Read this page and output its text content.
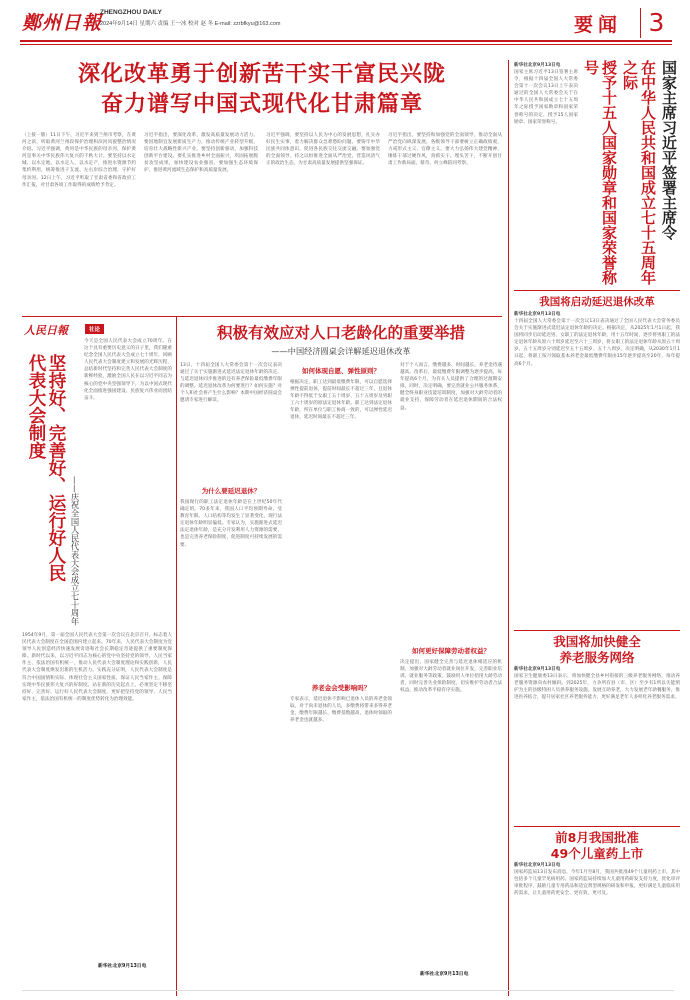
鄭州日報
ZHENGZHOU DAILY
2024年9月14日 星期六 责编 王一冰 校对 赵 冬 E-mail: zzrbfkyu@163.com	要闻	3
深化改革勇于创新苦干实干富民兴陇
奋力谱写中国式现代化甘肃篇章
（上接一版）11日下午，习近平来到兰州市考察，在黄河之滨，听取黄河兰州段保护治理和滨河风貌整治情况介绍。习近平强调，黄河是中华民族的母亲河，保护黄河是事关中华民族伟大复兴的千秋大计。要坚持以水定城、以水定地、以水定人、以水定产，推进水资源节约集约利用，统筹推进干支流、左右岸综合治理，守护好母亲河。12日上午，习近平听取了甘肃省委和省政府工作汇报，对甘肃各项工作取得的成绩给予肯定。
习近平指出，要深化改革，激发高质量发展动力活力。要因地制宜发展新质生产力，推动传统产业转型升级，培育壮大战略性新兴产业。要坚持创新驱动，加强科技创新平台建设。要扎实推进乡村全面振兴，巩固拓展脱贫攻坚成果，加快建设农业强省。要加强生态环境保护，推进黄河流域生态保护和高质量发展。
习近平强调，要坚持以人民为中心的发展思想，扎实办好民生实事，着力解决群众急难愁盼问题。要铸牢中华民族共同体意识，促进各民族交往交流交融。要加强党的全面领导，持之以恒推进全面从严治党，营造风清气正的政治生态，为甘肃高质量发展提供坚强保证。
习近平指出，要坚持和加强党的全面领导，推动全面从严治党向纵深发展。各级领导干部要树立正确政绩观，力戒形式主义、官僚主义。要大力弘扬伟大建党精神，锤炼干部过硬作风，真抓实干、埋头苦干，不断开创甘肃工作新局面。蔡奇、何立峰陪同考察。
新华社北京9月13日电
国家主席习近平13日签署主席令，根据十四届全国人大常委会第十一次会议13日上午表决通过的全国人大常委会关于在中华人民共和国成立七十五周年之际授予国家勋章和国家荣誉称号的决定，授予15人国家勋章、国家荣誉称号。	国家主席习近平签署主席令
在中华人民共和国成立七十五周年之际
授予十五人国家勋章和国家荣誉称号
我国将启动延迟退休改革
新华社北京9月13日电
十四届全国人大常委会第十一次会议13日表决通过了全国人民代表大会常务委员会关于实施渐进式延迟法定退休年龄的决定。根据决定，从2025年1月1日起，我国将同步启动延迟男、女职工的法定退休年龄，用十五年时间，逐步将男职工的法定退休年龄从原六十周岁延迟至六十三周岁，将女职工的法定退休年龄从原五十周岁、五十五周岁分别延迟至五十五周岁、五十八周岁。决定明确，从2030年1月1日起，将职工按月领取基本养老金最低缴费年限由15年逐步提高至20年，每年提高6个月。
我国将加快健全
养老服务网络
新华社北京9月13日电
国家卫生健康委13日表示，将加快健全县乡村衔接的三级养老服务网络，推动养老服务资源向农村倾斜。到2025年，力争所有县（市、区）至少有1所以失能照护为主的县级特困人员供养服务设施。发展互助养老，大力发展老年助餐服务，推进医养结合，提升居家社区养老服务能力，更好满足老年人多样化养老服务需求。
前8月我国批准
49个儿童药上市
新华社北京9月13日电
国家药监局13日发布消息，今年1月至8月，我国共批准49个儿童用药上市，其中包括多个儿童罕见病用药。国家药监局持续加大儿童用药研发支持力度，优化审评审批程序，鼓励儿童专用药品和适宜剂型规格的研发和申报，更好满足儿童临床用药需求，让儿童用药更安全、更有效、更可及。
人民日報	社论
坚持好、完善好、运行好人民代表大会制度
——庆祝全国人民代表大会成立七十周年
今天是全国人民代表大会成立70周年。在这个具有重要历史意义的日子里，我们隆重纪念全国人民代表大会成立七十周年，回顾人民代表大会制度建立和发展的光辉历程，总结新时代坚持和完善人民代表大会制度的新鲜经验，激励全国人民在以习近平同志为核心的党中央坚强领导下，为以中国式现代化全面推进强国建设、民族复兴伟业而团结奋斗。
1954年9月，第一届全国人民代表大会第一次会议在北京召开，标志着人民代表大会制度在全国范围内建立起来。70年来，人民代表大会制度为党领导人民创造经济快速发展奇迹和社会长期稳定奇迹提供了重要制度保障。新时代以来，以习近平同志为核心的党中央坚持党的领导、人民当家作主、依法治国有机统一，推动人民代表大会制度理论和实践创新，人民代表大会制度焕发出新的生机活力。实践充分证明，人民代表大会制度是符合中国国情和实际、体现社会主义国家性质、保证人民当家作主、保障实现中华民族伟大复兴的好制度。站在新的历史起点上，必须坚定不移坚持好、完善好、运行好人民代表大会制度，更好把坚持党的领导、人民当家作主、依法治国有机统一的制度优势转化为治理效能。
新华社北京9月13日电
积极有效应对人口老龄化的重要举措
——中国经济圆桌会详解延迟退休改革
13日，十四届全国人大常委会第十一次会议表决通过了关于实施渐进式延迟法定退休年龄的决定。与延迟退休同步推进的还有养老保险最低缴费年限的调整。延迟退休改革为何要进行？如何实施？对个人和社会将产生什么影响？本期中国经济圆桌会邀请专家进行解读。
为什么要延迟退休？
我国现行的职工法定退休年龄是在上世纪50年代确定的。70多年来，我国人口平均预期寿命、受教育年限、人口结构等均发生了显著变化，现行法定退休年龄明显偏低。专家认为，实施渐进式延迟法定退休年龄，是充分开发利用人力资源的需要，也是完善养老保险制度、促进制度可持续发展的需要。
如何体现自愿、弹性原则？
根据决定，职工达到最低缴费年限，可以自愿选择弹性提前退休，提前时间最长不超过三年，且退休年龄不得低于女职工五十周岁、五十五周岁及男职工六十周岁的原法定退休年龄。职工达到法定退休年龄，所在单位与职工协商一致的，可以弹性延迟退休，延迟时间最长不超过三年。
养老金会受影响吗？
专家表示，延迟退休不影响已退休人员的养老金领取。对于尚未退休的人员，多缴费将带来多得养老金，缴费年限越长、缴费基数越高，退休时领取的养老金也就越多。
对于个人而言，缴费越多、时间越长，养老金待遇越高。改革后，最低缴费年限调整为逐步提高，每年提高6个月，为有关人员提供了合理的过渡期安排。同时，决定明确，要完善就业公共服务体系，健全终身职业技能培训制度，加强对大龄劳动者的就业支持，保障劳动者在延迟退休期间的合法权益。
如何更好保障劳动者权益？
决定提出，国家健全完善与延迟退休相适应的机制，加强对大龄劳动者就业岗位开发，完善职业培训、就业服务等政策，鼓励用人单位招用大龄劳动者，同时完善失业保险制度，切实维护劳动者合法权益，推动改革平稳有序实施。
新华社北京9月13日电
